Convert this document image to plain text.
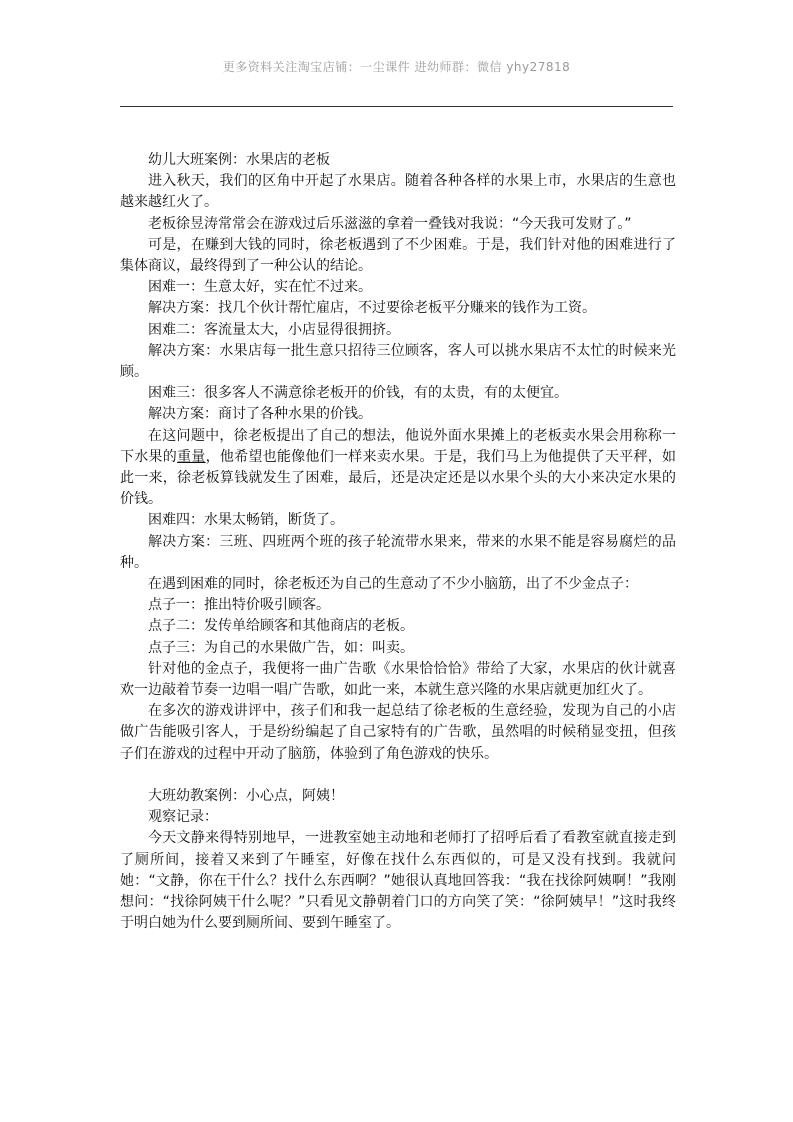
更多资料关注淘宝店铺：一尘课件 进幼师群：微信 yhy27818

幼儿大班案例：水果店的老板

进入秋天，我们的区角中开起了水果店。随着各种各样的水果上市，水果店的生意也越来越红火了。

老板徐昱涛常常会在游戏过后乐滋滋的拿着一叠钱对我说：“今天我可发财了。”

可是，在赚到大钱的同时，徐老板遇到了不少困难。于是，我们针对他的困难进行了集体商议，最终得到了一种公认的结论。

困难一：生意太好，实在忙不过来。

解决方案：找几个伙计帮忙雇店，不过要徐老板平分赚来的钱作为工资。

困难二：客流量太大，小店显得很拥挤。

解决方案：水果店每一批生意只招待三位顾客，客人可以挑水果店不太忙的时候来光顾。

困难三：很多客人不满意徐老板开的价钱，有的太贵，有的太便宜。

解决方案：商讨了各种水果的价钱。

在这问题中，徐老板提出了自己的想法，他说外面水果摊上的老板卖水果会用称称一下水果的重量，他希望也能像他们一样来卖水果。于是，我们马上为他提供了天平秤，如此一来，徐老板算钱就发生了困难，最后，还是决定还是以水果个头的大小来决定水果的价钱。

困难四：水果太畅销，断货了。

解决方案：三班、四班两个班的孩子轮流带水果来，带来的水果不能是容易腐烂的品种。

在遇到困难的同时，徐老板还为自己的生意动了不少小脑筋，出了不少金点子：

点子一：推出特价吸引顾客。

点子二：发传单给顾客和其他商店的老板。

点子三：为自己的水果做广告，如：叫卖。

针对他的金点子，我便将一曲广告歌《水果恰恰恰》带给了大家，水果店的伙计就喜欢一边敲着节奏一边唱一唱广告歌，如此一来，本就生意兴隆的水果店就更加红火了。

在多次的游戏讲评中，孩子们和我一起总结了徐老板的生意经验，发现为自己的小店做广告能吸引客人，于是纷纷编起了自己家特有的广告歌，虽然唱的时候稍显变扭，但孩子们在游戏的过程中开动了脑筋，体验到了角色游戏的快乐。

大班幼教案例：小心点，阿姨！

观察记录：

今天文静来得特别地早，一进教室她主动地和老师打了招呼后看了看教室就直接走到了厕所间，接着又来到了午睡室，好像在找什么东西似的，可是又没有找到。我就问她：“文静，你在干什么？找什么东西啊？”她很认真地回答我：“我在找徐阿姨啊！”我刚想问：“找徐阿姨干什么呢？”只看见文静朝着门口的方向笑了笑：“徐阿姨早！”这时我终于明白她为什么要到厕所间、要到午睡室了。
